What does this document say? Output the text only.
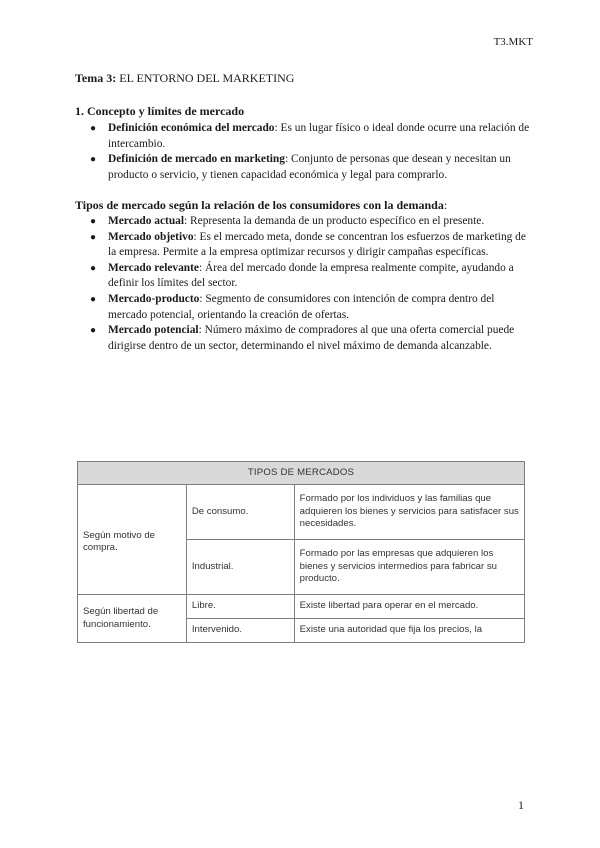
T3.MKT
Tema 3: EL ENTORNO DEL MARKETING
1. Concepto y límites de mercado
● Definición económica del mercado: Es un lugar físico o ideal donde ocurre una relación de intercambio.
● Definición de mercado en marketing: Conjunto de personas que desean y necesitan un producto o servicio, y tienen capacidad económica y legal para comprarlo.
Tipos de mercado según la relación de los consumidores con la demanda:
● Mercado actual: Representa la demanda de un producto específico en el presente.
● Mercado objetivo: Es el mercado meta, donde se concentran los esfuerzos de marketing de la empresa. Permite a la empresa optimizar recursos y dirigir campañas específicas.
● Mercado relevante: Área del mercado donde la empresa realmente compite, ayudando a definir los límites del sector.
● Mercado-producto: Segmento de consumidores con intención de compra dentro del mercado potencial, orientando la creación de ofertas.
● Mercado potencial: Número máximo de compradores al que una oferta comercial puede dirigirse dentro de un sector, determinando el nivel máximo de demanda alcanzable.
TIPOS DE MERCADOS		
Según motivo de compra.	De consumo.	Formado por los individuos y las familias que adquieren los bienes y servicios para satisfacer sus necesidades.
	Industrial.	Formado por las empresas que adquieren los bienes y servicios intermedios para fabricar su producto.
Según libertad de funcionamiento.	Libre.	Existe libertad para operar en el mercado.
	Intervenido.	Existe una autoridad que fija los precios, la
1
